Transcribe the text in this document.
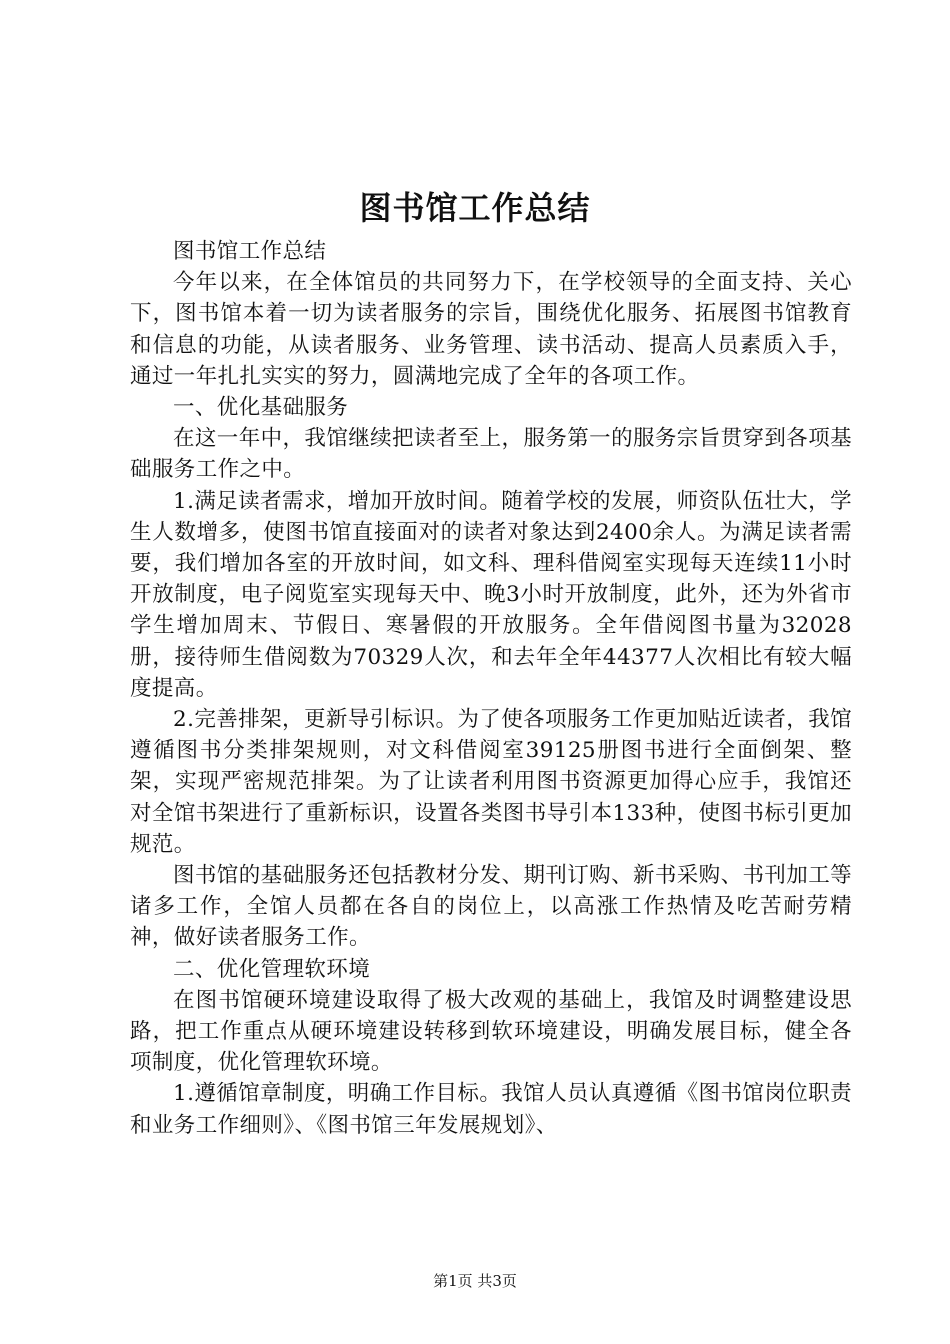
图书馆工作总结

图书馆工作总结

今年以来，在全体馆员的共同努力下，在学校领导的全面支持、关心下，图书馆本着一切为读者服务的宗旨，围绕优化服务、拓展图书馆教育和信息的功能，从读者服务、业务管理、读书活动、提高人员素质入手，通过一年扎扎实实的努力，圆满地完成了全年的各项工作。

一、优化基础服务

在这一年中，我馆继续把读者至上，服务第一的服务宗旨贯穿到各项基础服务工作之中。

1.满足读者需求，增加开放时间。随着学校的发展，师资队伍壮大，学生人数增多，使图书馆直接面对的读者对象达到2400余人。为满足读者需要，我们增加各室的开放时间，如文科、理科借阅室实现每天连续11小时开放制度，电子阅览室实现每天中、晚3小时开放制度，此外，还为外省市学生增加周末、节假日、寒暑假的开放服务。全年借阅图书量为32028册，接待师生借阅数为70329人次，和去年全年44377人次相比有较大幅度提高。

2.完善排架，更新导引标识。为了使各项服务工作更加贴近读者，我馆遵循图书分类排架规则，对文科借阅室39125册图书进行全面倒架、整架，实现严密规范排架。为了让读者利用图书资源更加得心应手，我馆还对全馆书架进行了重新标识，设置各类图书导引本133种，使图书标引更加规范。

图书馆的基础服务还包括教材分发、期刊订购、新书采购、书刊加工等诸多工作，全馆人员都在各自的岗位上，以高涨工作热情及吃苦耐劳精神，做好读者服务工作。

二、优化管理软环境

在图书馆硬环境建设取得了极大改观的基础上，我馆及时调整建设思路，把工作重点从硬环境建设转移到软环境建设，明确发展目标，健全各项制度，优化管理软环境。

1.遵循馆章制度，明确工作目标。我馆人员认真遵循《图书馆岗位职责和业务工作细则》、《图书馆三年发展规划》、

第1页 共3页
